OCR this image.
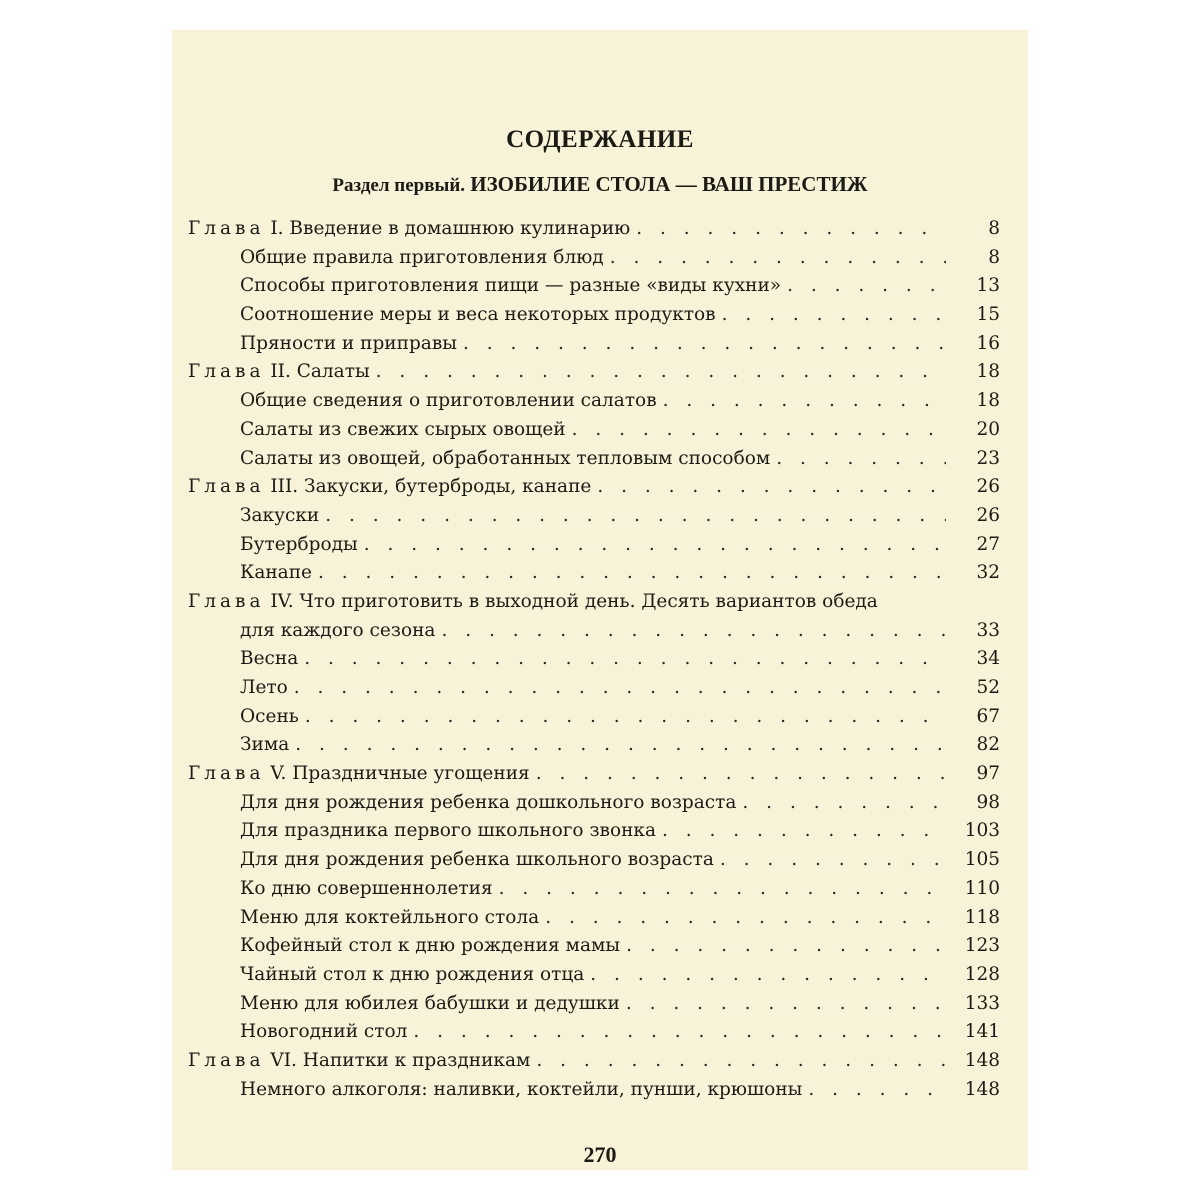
СОДЕРЖАНИЕ
Раздел первый. ИЗОБИЛИЕ СТОЛА — ВАШ ПРЕСТИЖ
Глава I. Введение в домашнюю кулинарию . . .	8
Общие правила приготовления блюд . . .	8
Способы приготовления пищи — разные «виды кухни» . . .	13
Соотношение меры и веса некоторых продуктов . . .	15
Пряности и приправы . . .	16
Глава II. Салаты . . .	18
Общие сведения о приготовлении салатов . . .	18
Салаты из свежих сырых овощей . . .	20
Салаты из овощей, обработанных тепловым способом . . .	23
Глава III. Закуски, бутерброды, канапе . . .	26
Закуски . . .	26
Бутерброды . . .	27
Канапе . . .	32
Глава IV. Что приготовить в выходной день. Десять вариантов обеда
для каждого сезона . . .	33
Весна . . .	34
Лето . . .	52
Осень . . .	67
Зима . . .	82
Глава V. Праздничные угощения . . .	97
Для дня рождения ребенка дошкольного возраста . . .	98
Для праздника первого школьного звонка . . .	103
Для дня рождения ребенка школьного возраста . . .	105
Ко дню совершеннолетия . . .	110
Меню для коктейльного стола . . .	118
Кофейный стол к дню рождения мамы . . .	123
Чайный стол к дню рождения отца . . .	128
Меню для юбилея бабушки и дедушки . . .	133
Новогодний стол . . .	141
Глава VI. Напитки к праздникам . . .	148
Немного алкоголя: наливки, коктейли, пунши, крюшоны . . .	148
270
